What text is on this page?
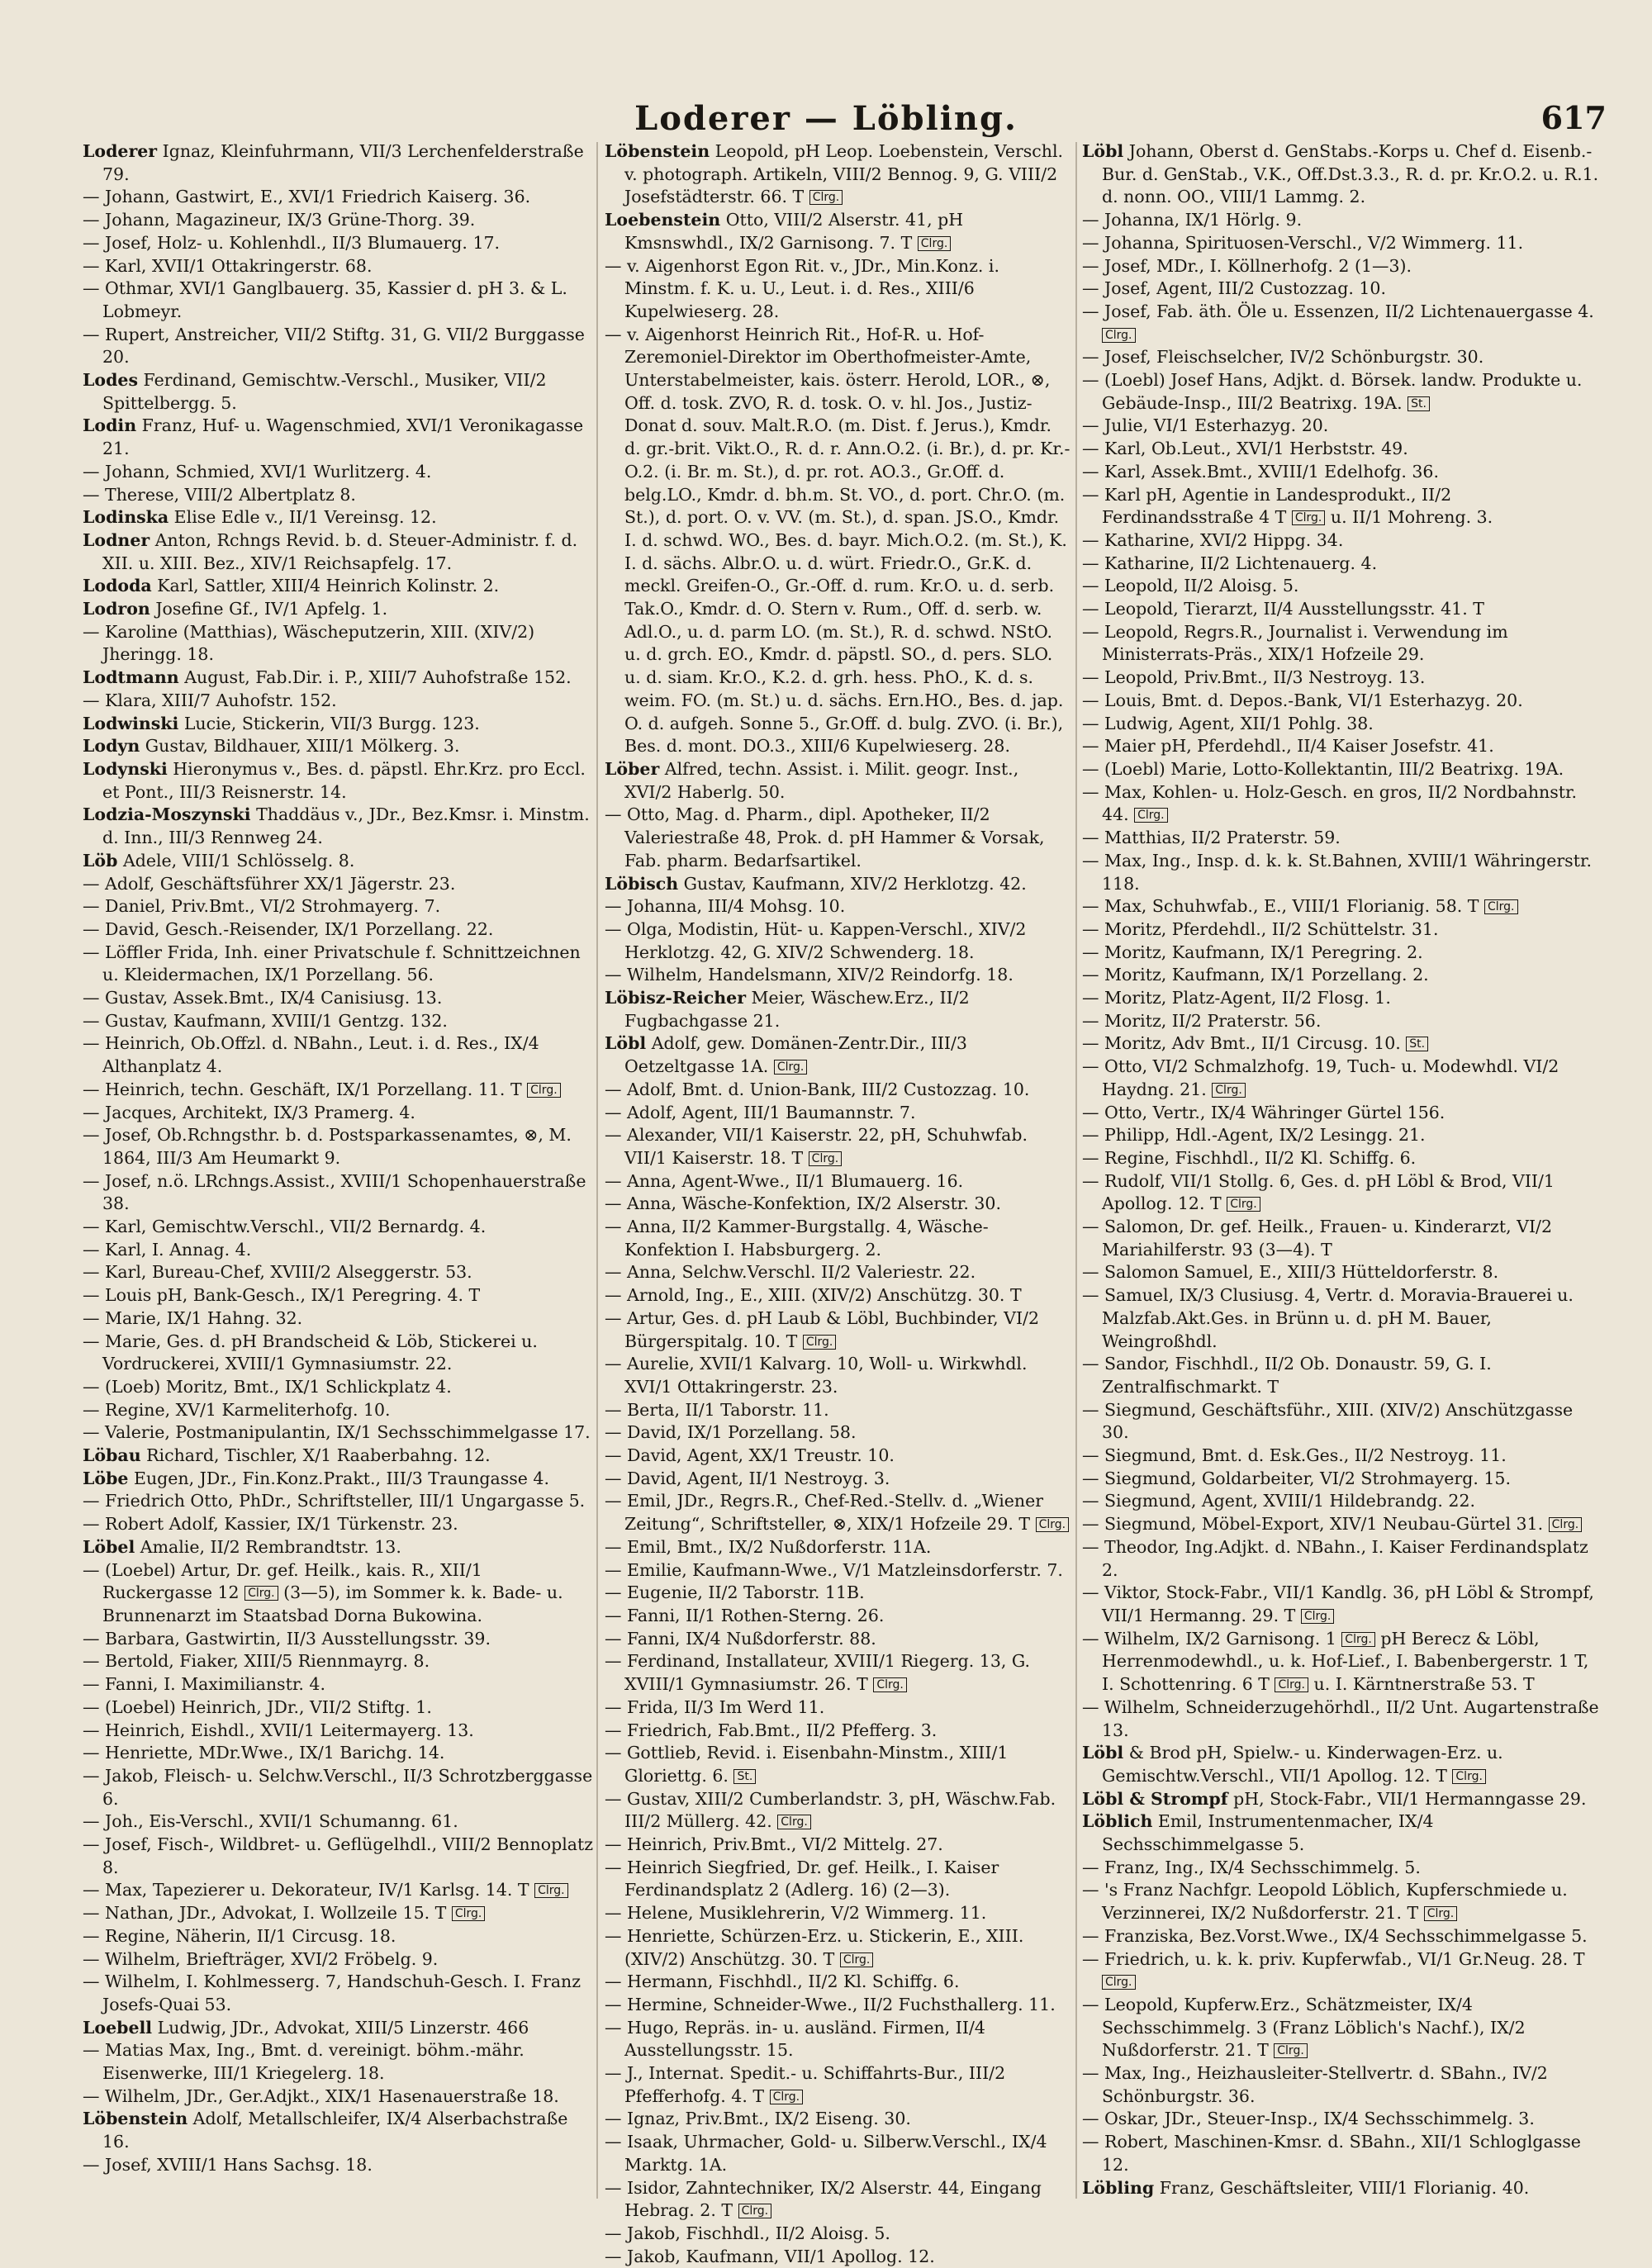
Loderer — Löbling.	617
Loderer Ignaz, Kleinfuhrmann, VII/3 Lerchenfelderstraße 79.
— Johann, Gastwirt, E., XVI/1 Friedrich Kaiserg. 36.
— Johann, Magazineur, IX/3 Grüne-Thorg. 39.
— Josef, Holz- u. Kohlenhdl., II/3 Blumauerg. 17.
— Karl, XVII/1 Ottakringerstr. 68.
— Othmar, XVI/1 Ganglbauerg. 35, Kassier d. pH 3. & L. Lobmeyr.
— Rupert, Anstreicher, VII/2 Stiftg. 31, G. VII/2 Burggasse 20.
Lodes Ferdinand, Gemischtw.-Verschl., Musiker, VII/2 Spittelbergg. 5.
Lodin Franz, Huf- u. Wagenschmied, XVI/1 Veronikagasse 21.
— Johann, Schmied, XVI/1 Wurlitzerg. 4.
— Therese, VIII/2 Albertplatz 8.
Lodinska Elise Edle v., II/1 Vereinsg. 12.
Lodner Anton, Rchngs Revid. b. d. Steuer-Administr. f. d. XII. u. XIII. Bez., XIV/1 Reichsapfelg. 17.
Lododa Karl, Sattler, XIII/4 Heinrich Kolinstr. 2.
Lodron Josefine Gf., IV/1 Apfelg. 1.
— Karoline (Matthias), Wäscheputzerin, XIII. (XIV/2) Jheringg. 18.
Lodtmann August, Fab.Dir. i. P., XIII/7 Auhofstraße 152.
— Klara, XIII/7 Auhofstr. 152.
Lodwinski Lucie, Stickerin, VII/3 Burgg. 123.
Lodyn Gustav, Bildhauer, XIII/1 Mölkerg. 3.
Lodynski Hieronymus v., Bes. d. päpstl. Ehr.Krz. pro Eccl. et Pont., III/3 Reisnerstr. 14.
Lodzia-Moszynski Thaddäus v., JDr., Bez.Kmsr. i. Minstm. d. Inn., III/3 Rennweg 24.
Löb Adele, VIII/1 Schlösselg. 8.
— Adolf, Geschäftsführer XX/1 Jägerstr. 23.
— Daniel, Priv.Bmt., VI/2 Strohmayerg. 7.
— David, Gesch.-Reisender, IX/1 Porzellang. 22.
— Löffler Frida, Inh. einer Privatschule f. Schnittzeichnen u. Kleidermachen, IX/1 Porzellang. 56.
— Gustav, Assek.Bmt., IX/4 Canisiusg. 13.
— Gustav, Kaufmann, XVIII/1 Gentzg. 132.
— Heinrich, Ob.Offzl. d. NBahn., Leut. i. d. Res., IX/4 Althanplatz 4.
— Heinrich, techn. Geschäft, IX/1 Porzellang. 11. T Clrg.
— Jacques, Architekt, IX/3 Pramerg. 4.
— Josef, Ob.Rchngsthr. b. d. Postsparkassenamtes, ⊗, M. 1864, III/3 Am Heumarkt 9.
— Josef, n.ö. LRchngs.Assist., XVIII/1 Schopenhauerstraße 38.
— Karl, Gemischtw.Verschl., VII/2 Bernardg. 4.
— Karl, I. Annag. 4.
— Karl, Bureau-Chef, XVIII/2 Alseggerstr. 53.
— Louis pH, Bank-Gesch., IX/1 Peregring. 4. T
— Marie, IX/1 Hahng. 32.
— Marie, Ges. d. pH Brandscheid & Löb, Stickerei u. Vordruckerei, XVIII/1 Gymnasiumstr. 22.
— (Loeb) Moritz, Bmt., IX/1 Schlickplatz 4.
— Regine, XV/1 Karmeliterhofg. 10.
— Valerie, Postmanipulantin, IX/1 Sechsschimmelgasse 17.
Löbau Richard, Tischler, X/1 Raaberbahng. 12.
Löbe Eugen, JDr., Fin.Konz.Prakt., III/3 Traungasse 4.
— Friedrich Otto, PhDr., Schriftsteller, III/1 Ungargasse 5.
— Robert Adolf, Kassier, IX/1 Türkenstr. 23.
Löbel Amalie, II/2 Rembrandtstr. 13.
— (Loebel) Artur, Dr. gef. Heilk., kais. R., XII/1 Ruckergasse 12 Clrg. (3—5), im Sommer k. k. Bade- u. Brunnenarzt im Staatsbad Dorna Bukowina.
— Barbara, Gastwirtin, II/3 Ausstellungsstr. 39.
— Bertold, Fiaker, XIII/5 Riennmayrg. 8.
— Fanni, I. Maximilianstr. 4.
— (Loebel) Heinrich, JDr., VII/2 Stiftg. 1.
— Heinrich, Eishdl., XVII/1 Leitermayerg. 13.
— Henriette, MDr.Wwe., IX/1 Barichg. 14.
— Jakob, Fleisch- u. Selchw.Verschl., II/3 Schrotzberggasse 6.
— Joh., Eis-Verschl., XVII/1 Schumanng. 61.
— Josef, Fisch-, Wildbret- u. Geflügelhdl., VIII/2 Bennoplatz 8.
— Max, Tapezierer u. Dekorateur, IV/1 Karlsg. 14. T Clrg.
— Nathan, JDr., Advokat, I. Wollzeile 15. T Clrg.
— Regine, Näherin, II/1 Circusg. 18.
— Wilhelm, Briefträger, XVI/2 Fröbelg. 9.
— Wilhelm, I. Kohlmesserg. 7, Handschuh-Gesch. I. Franz Josefs-Quai 53.
Loebell Ludwig, JDr., Advokat, XIII/5 Linzerstr. 466
— Matias Max, Ing., Bmt. d. vereinigt. böhm.-mähr. Eisenwerke, III/1 Kriegelerg. 18.
— Wilhelm, JDr., Ger.Adjkt., XIX/1 Hasenauerstraße 18.
Löbenstein Adolf, Metallschleifer, IX/4 Alserbachstraße 16.
— Josef, XVIII/1 Hans Sachsg. 18.
Löbenstein Leopold, pH Leop. Loebenstein, Verschl. v. photograph. Artikeln, VIII/2 Bennog. 9, G. VIII/2 Josefstädterstr. 66. T Clrg.
Loebenstein Otto, VIII/2 Alserstr. 41, pH Kmsnswhdl., IX/2 Garnisong. 7. T Clrg.
— v. Aigenhorst Egon Rit. v., JDr., Min.Konz. i. Minstm. f. K. u. U., Leut. i. d. Res., XIII/6 Kupelwieserg. 28.
— v. Aigenhorst Heinrich Rit., Hof-R. u. Hof-Zeremoniel-Direktor im Oberthofmeister-Amte, Unterstabelmeister, kais. österr. Herold, LOR., ⊗, Off. d. tosk. ZVO, R. d. tosk. O. v. hl. Jos., Justiz-Donat d. souv. Malt.R.O. (m. Dist. f. Jerus.), Kmdr. d. gr.-brit. Vikt.O., R. d. r. Ann.O.2. (i. Br.), d. pr. Kr.-O.2. (i. Br. m. St.), d. pr. rot. AO.3., Gr.Off. d. belg.LO., Kmdr. d. bh.m. St. VO., d. port. Chr.O. (m. St.), d. port. O. v. VV. (m. St.), d. span. JS.O., Kmdr. I. d. schwd. WO., Bes. d. bayr. Mich.O.2. (m. St.), K. I. d. sächs. Albr.O. u. d. würt. Friedr.O., Gr.K. d. meckl. Greifen-O., Gr.-Off. d. rum. Kr.O. u. d. serb. Tak.O., Kmdr. d. O. Stern v. Rum., Off. d. serb. w. Adl.O., u. d. parm LO. (m. St.), R. d. schwd. NStO. u. d. grch. EO., Kmdr. d. päpstl. SO., d. pers. SLO. u. d. siam. Kr.O., K.2. d. grh. hess. PhO., K. d. s. weim. FO. (m. St.) u. d. sächs. Ern.HO., Bes. d. jap. O. d. aufgeh. Sonne 5., Gr.Off. d. bulg. ZVO. (i. Br.), Bes. d. mont. DO.3., XIII/6 Kupelwieserg. 28.
Löber Alfred, techn. Assist. i. Milit. geogr. Inst., XVI/2 Haberlg. 50.
— Otto, Mag. d. Pharm., dipl. Apotheker, II/2 Valeriestraße 48, Prok. d. pH Hammer & Vorsak, Fab. pharm. Bedarfsartikel.
Löbisch Gustav, Kaufmann, XIV/2 Herklotzg. 42.
— Johanna, III/4 Mohsg. 10.
— Olga, Modistin, Hüt- u. Kappen-Verschl., XIV/2 Herklotzg. 42, G. XIV/2 Schwenderg. 18.
— Wilhelm, Handelsmann, XIV/2 Reindorfg. 18.
Löbisz-Reicher Meier, Wäschew.Erz., II/2 Fugbachgasse 21.
Löbl Adolf, gew. Domänen-Zentr.Dir., III/3 Oetzeltgasse 1A. Clrg.
— Adolf, Bmt. d. Union-Bank, III/2 Custozzag. 10.
— Adolf, Agent, III/1 Baumannstr. 7.
— Alexander, VII/1 Kaiserstr. 22, pH, Schuhwfab. VII/1 Kaiserstr. 18. T Clrg.
— Anna, Agent-Wwe., II/1 Blumauerg. 16.
— Anna, Wäsche-Konfektion, IX/2 Alserstr. 30.
— Anna, II/2 Kammer-Burgstallg. 4, Wäsche-Konfektion I. Habsburgerg. 2.
— Anna, Selchw.Verschl. II/2 Valeriestr. 22.
— Arnold, Ing., E., XIII. (XIV/2) Anschützg. 30. T
— Artur, Ges. d. pH Laub & Löbl, Buchbinder, VI/2 Bürgerspitalg. 10. T Clrg.
— Aurelie, XVII/1 Kalvarg. 10, Woll- u. Wirkwhdl. XVI/1 Ottakringerstr. 23.
— Berta, II/1 Taborstr. 11.
— David, IX/1 Porzellang. 58.
— David, Agent, XX/1 Treustr. 10.
— David, Agent, II/1 Nestroyg. 3.
— Emil, JDr., Regrs.R., Chef-Red.-Stellv. d. „Wiener Zeitung“, Schriftsteller, ⊗, XIX/1 Hofzeile 29. T Clrg.
— Emil, Bmt., IX/2 Nußdorferstr. 11A.
— Emilie, Kaufmann-Wwe., V/1 Matzleinsdorferstr. 7.
— Eugenie, II/2 Taborstr. 11B.
— Fanni, II/1 Rothen-Sterng. 26.
— Fanni, IX/4 Nußdorferstr. 88.
— Ferdinand, Installateur, XVIII/1 Riegerg. 13, G. XVIII/1 Gymnasiumstr. 26. T Clrg.
— Frida, II/3 Im Werd 11.
— Friedrich, Fab.Bmt., II/2 Pfefferg. 3.
— Gottlieb, Revid. i. Eisenbahn-Minstm., XIII/1 Gloriettg. 6. St.
— Gustav, XIII/2 Cumberlandstr. 3, pH, Wäschw.Fab. III/2 Müllerg. 42. Clrg.
— Heinrich, Priv.Bmt., VI/2 Mittelg. 27.
— Heinrich Siegfried, Dr. gef. Heilk., I. Kaiser Ferdinandsplatz 2 (Adlerg. 16) (2—3).
— Helene, Musiklehrerin, V/2 Wimmerg. 11.
— Henriette, Schürzen-Erz. u. Stickerin, E., XIII. (XIV/2) Anschützg. 30. T Clrg.
— Hermann, Fischhdl., II/2 Kl. Schiffg. 6.
— Hermine, Schneider-Wwe., II/2 Fuchsthallerg. 11.
— Hugo, Repräs. in- u. ausländ. Firmen, II/4 Ausstellungsstr. 15.
— J., Internat. Spedit.- u. Schiffahrts-Bur., III/2 Pfefferhofg. 4. T Clrg.
— Ignaz, Priv.Bmt., IX/2 Eiseng. 30.
— Isaak, Uhrmacher, Gold- u. Silberw.Verschl., IX/4 Marktg. 1A.
— Isidor, Zahntechniker, IX/2 Alserstr. 44, Eingang Hebrag. 2. T Clrg.
— Jakob, Fischhdl., II/2 Aloisg. 5.
— Jakob, Kaufmann, VII/1 Apollog. 12.
Löbl Johann, Oberst d. GenStabs.-Korps u. Chef d. Eisenb.-Bur. d. GenStab., V.K., Off.Dst.3.3., R. d. pr. Kr.O.2. u. R.1. d. nonn. OO., VIII/1 Lammg. 2.
— Johanna, IX/1 Hörlg. 9.
— Johanna, Spirituosen-Verschl., V/2 Wimmerg. 11.
— Josef, MDr., I. Köllnerhofg. 2 (1—3).
— Josef, Agent, III/2 Custozzag. 10.
— Josef, Fab. äth. Öle u. Essenzen, II/2 Lichtenauergasse 4. Clrg.
— Josef, Fleischselcher, IV/2 Schönburgstr. 30.
— (Loebl) Josef Hans, Adjkt. d. Börsek. landw. Produkte u. Gebäude-Insp., III/2 Beatrixg. 19A. St.
— Julie, VI/1 Esterhazyg. 20.
— Karl, Ob.Leut., XVI/1 Herbststr. 49.
— Karl, Assek.Bmt., XVIII/1 Edelhofg. 36.
— Karl pH, Agentie in Landesprodukt., II/2 Ferdinandsstraße 4 T Clrg. u. II/1 Mohreng. 3.
— Katharine, XVI/2 Hippg. 34.
— Katharine, II/2 Lichtenauerg. 4.
— Leopold, II/2 Aloisg. 5.
— Leopold, Tierarzt, II/4 Ausstellungsstr. 41. T
— Leopold, Regrs.R., Journalist i. Verwendung im Ministerrats-Präs., XIX/1 Hofzeile 29.
— Leopold, Priv.Bmt., II/3 Nestroyg. 13.
— Louis, Bmt. d. Depos.-Bank, VI/1 Esterhazyg. 20.
— Ludwig, Agent, XII/1 Pohlg. 38.
— Maier pH, Pferdehdl., II/4 Kaiser Josefstr. 41.
— (Loebl) Marie, Lotto-Kollektantin, III/2 Beatrixg. 19A.
— Max, Kohlen- u. Holz-Gesch. en gros, II/2 Nordbahnstr. 44. Clrg.
— Matthias, II/2 Praterstr. 59.
— Max, Ing., Insp. d. k. k. St.Bahnen, XVIII/1 Währingerstr. 118.
— Max, Schuhwfab., E., VIII/1 Florianig. 58. T Clrg.
— Moritz, Pferdehdl., II/2 Schüttelstr. 31.
— Moritz, Kaufmann, IX/1 Peregring. 2.
— Moritz, Kaufmann, IX/1 Porzellang. 2.
— Moritz, Platz-Agent, II/2 Flosg. 1.
— Moritz, II/2 Praterstr. 56.
— Moritz, Adv Bmt., II/1 Circusg. 10. St.
— Otto, VI/2 Schmalzhofg. 19, Tuch- u. Modewhdl. VI/2 Haydng. 21. Clrg.
— Otto, Vertr., IX/4 Währinger Gürtel 156.
— Philipp, Hdl.-Agent, IX/2 Lesingg. 21.
— Regine, Fischhdl., II/2 Kl. Schiffg. 6.
— Rudolf, VII/1 Stollg. 6, Ges. d. pH Löbl & Brod, VII/1 Apollog. 12. T Clrg.
— Salomon, Dr. gef. Heilk., Frauen- u. Kinderarzt, VI/2 Mariahilferstr. 93 (3—4). T
— Salomon Samuel, E., XIII/3 Hütteldorferstr. 8.
— Samuel, IX/3 Clusiusg. 4, Vertr. d. Moravia-Brauerei u. Malzfab.Akt.Ges. in Brünn u. d. pH M. Bauer, Weingroßhdl.
— Sandor, Fischhdl., II/2 Ob. Donaustr. 59, G. I. Zentralfischmarkt. T
— Siegmund, Geschäftsführ., XIII. (XIV/2) Anschützgasse 30.
— Siegmund, Bmt. d. Esk.Ges., II/2 Nestroyg. 11.
— Siegmund, Goldarbeiter, VI/2 Strohmayerg. 15.
— Siegmund, Agent, XVIII/1 Hildebrandg. 22.
— Siegmund, Möbel-Export, XIV/1 Neubau-Gürtel 31. Clrg.
— Theodor, Ing.Adjkt. d. NBahn., I. Kaiser Ferdinandsplatz 2.
— Viktor, Stock-Fabr., VII/1 Kandlg. 36, pH Löbl & Strompf, VII/1 Hermanng. 29. T Clrg.
— Wilhelm, IX/2 Garnisong. 1 Clrg. pH Berecz & Löbl, Herrenmodewhdl., u. k. Hof-Lief., I. Babenbergerstr. 1 T, I. Schottenring. 6 T Clrg. u. I. Kärntnerstraße 53. T
— Wilhelm, Schneiderzugehörhdl., II/2 Unt. Augartenstraße 13.
Löbl & Brod pH, Spielw.- u. Kinderwagen-Erz. u. Gemischtw.Verschl., VII/1 Apollog. 12. T Clrg.
Löbl & Strompf pH, Stock-Fabr., VII/1 Hermanngasse 29.
Löblich Emil, Instrumentenmacher, IX/4 Sechsschimmelgasse 5.
— Franz, Ing., IX/4 Sechsschimmelg. 5.
— 's Franz Nachfgr. Leopold Löblich, Kupferschmiede u. Verzinnerei, IX/2 Nußdorferstr. 21. T Clrg.
— Franziska, Bez.Vorst.Wwe., IX/4 Sechsschimmelgasse 5.
— Friedrich, u. k. k. priv. Kupferwfab., VI/1 Gr.Neug. 28. T Clrg.
— Leopold, Kupferw.Erz., Schätzmeister, IX/4 Sechsschimmelg. 3 (Franz Löblich's Nachf.), IX/2 Nußdorferstr. 21. T Clrg.
— Max, Ing., Heizhausleiter-Stellvertr. d. SBahn., IV/2 Schönburgstr. 36.
— Oskar, JDr., Steuer-Insp., IX/4 Sechsschimmelg. 3.
— Robert, Maschinen-Kmsr. d. SBahn., XII/1 Schloglgasse 12.
Löbling Franz, Geschäftsleiter, VIII/1 Florianig. 40.
